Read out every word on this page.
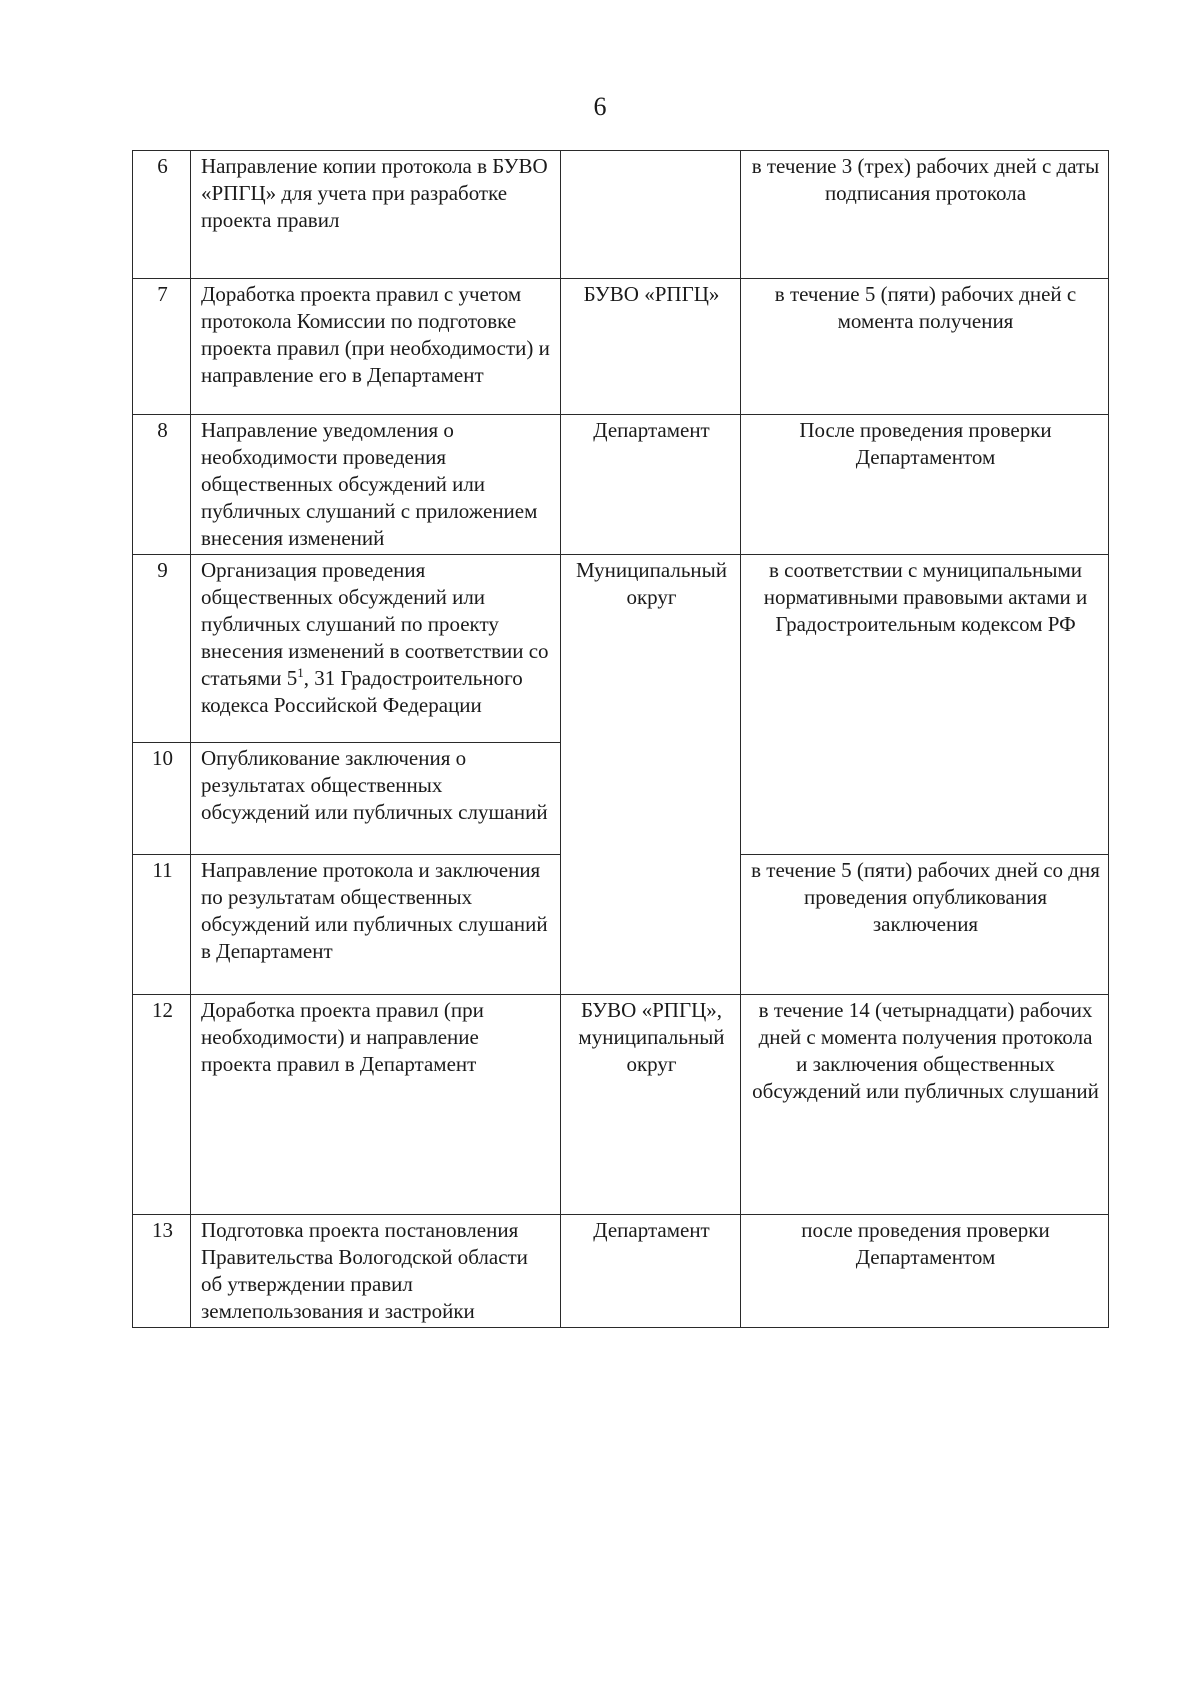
6
6	Направление копии протокола в БУВО «РПГЦ» для учета при разработке проекта правил		в течение 3 (трех) рабочих дней с даты подписания протокола
7	Доработка проекта правил с учетом протокола Комиссии по подготовке проекта правил (при необходимости) и направление его в Департамент	БУВО «РПГЦ»	в течение 5 (пяти) рабочих дней с момента получения
8	Направление уведомления о необходимости проведения общественных обсуждений или публичных слушаний с приложением внесения изменений	Департамент	После проведения проверки Департаментом
9	Организация проведения общественных обсуждений или публичных слушаний по проекту внесения изменений в соответствии со статьями $5^1$, 31 Градостроительного кодекса Российской Федерации	Муниципальный округ	в соответствии с муниципальными нормативными правовыми актами и Градостроительным кодексом РФ
10	Опубликование заключения о результатах общественных обсуждений или публичных слушаний		
11	Направление протокола и заключения по результатам общественных обсуждений или публичных слушаний в Департамент		в течение 5 (пяти) рабочих дней со дня проведения опубликования заключения
12	Доработка проекта правил (при необходимости) и направление проекта правил в Департамент	БУВО «РПГЦ», муниципальный округ	в течение 14 (четырнадцати) рабочих дней с момента получения протокола и заключения общественных обсуждений или публичных слушаний
13	Подготовка проекта постановления Правительства Вологодской области об утверждении правил землепользования и застройки	Департамент	после проведения проверки Департаментом
